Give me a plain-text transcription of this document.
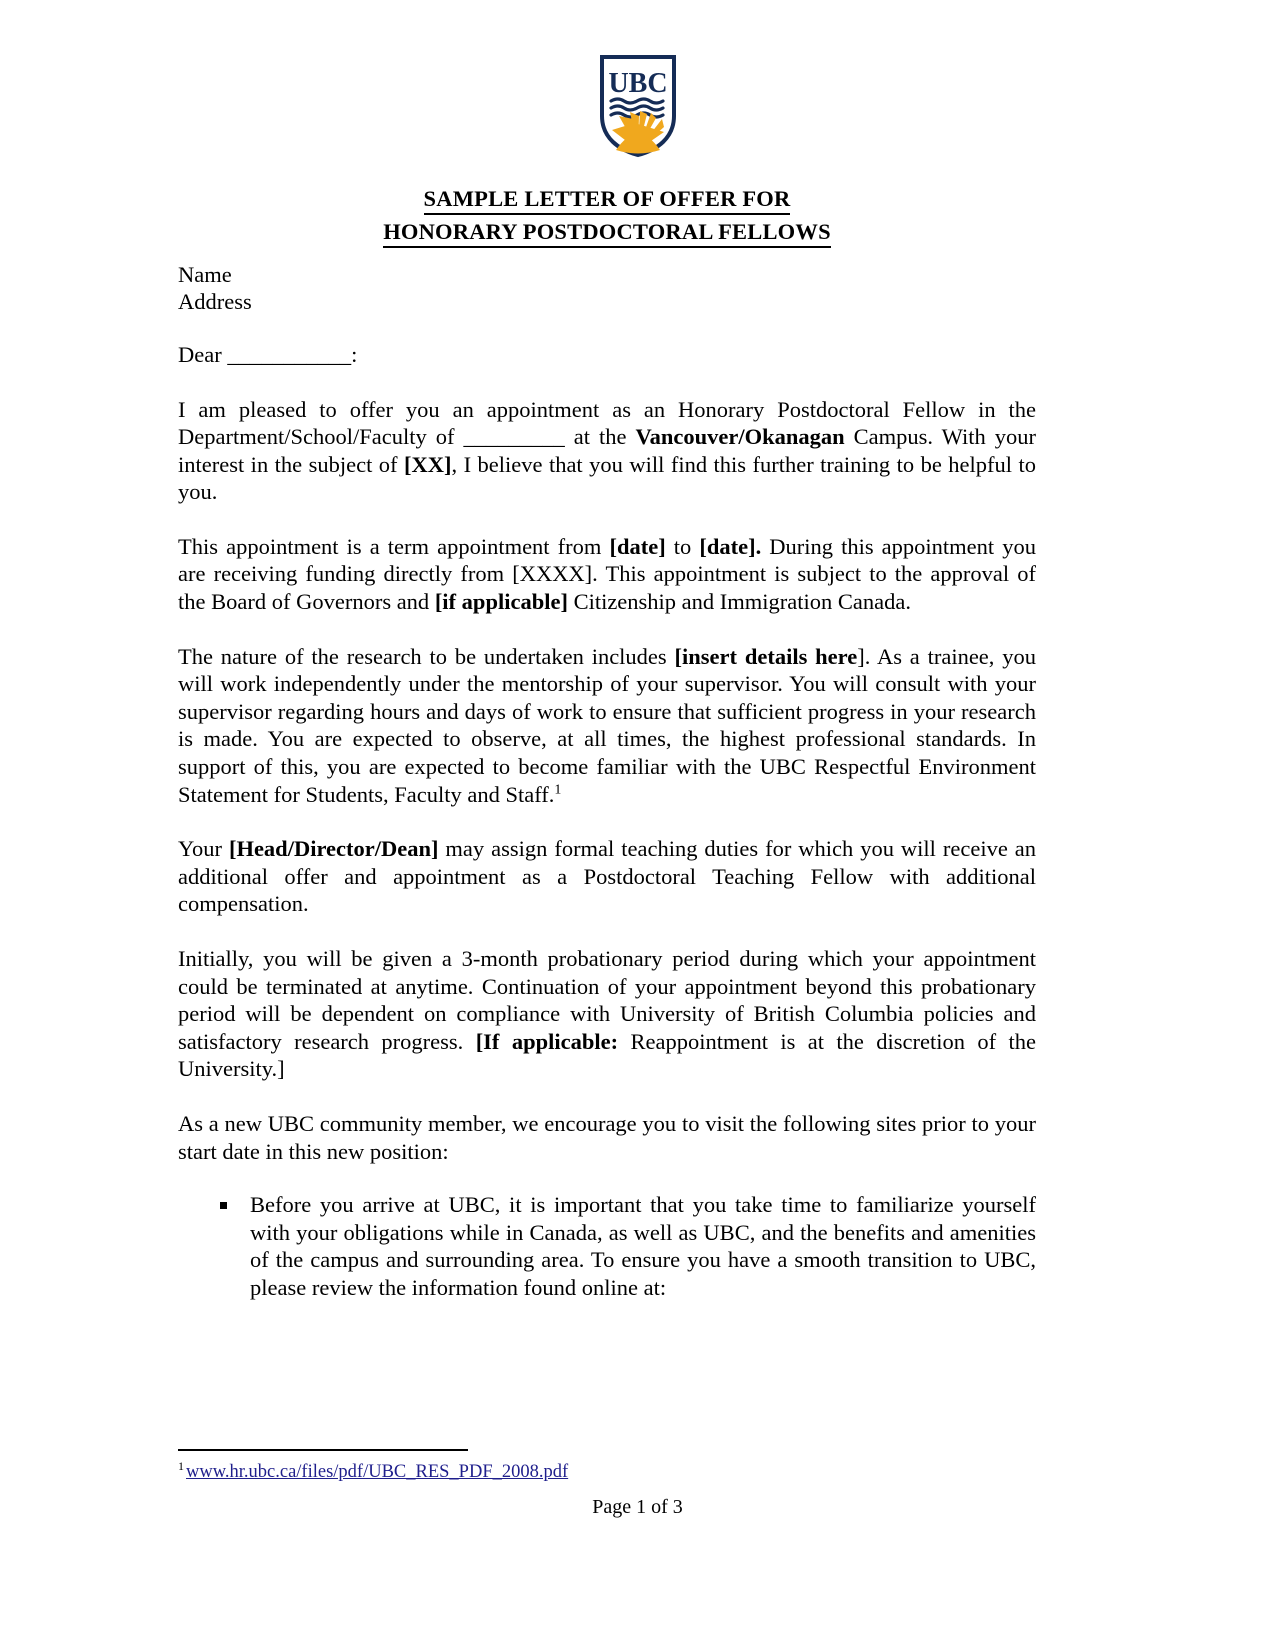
UBC
SAMPLE LETTER OF OFFER FOR
HONORARY POSTDOCTORAL FELLOWS
Name
Address
Dear ___________:

I am pleased to offer you an appointment as an Honorary Postdoctoral Fellow in the Department/School/Faculty of _________ at the Vancouver/Okanagan Campus. With your interest in the subject of [XX], I believe that you will find this further training to be helpful to you.

This appointment is a term appointment from [date] to [date]. During this appointment you are receiving funding directly from [XXXX]. This appointment is subject to the approval of the Board of Governors and [if applicable] Citizenship and Immigration Canada.

The nature of the research to be undertaken includes [insert details here]. As a trainee, you will work independently under the mentorship of your supervisor. You will consult with your supervisor regarding hours and days of work to ensure that sufficient progress in your research is made. You are expected to observe, at all times, the highest professional standards. In support of this, you are expected to become familiar with the UBC Respectful Environment Statement for Students, Faculty and Staff.$^1$

Your [Head/Director/Dean] may assign formal teaching duties for which you will receive an additional offer and appointment as a Postdoctoral Teaching Fellow with additional compensation.

Initially, you will be given a 3-month probationary period during which your appointment could be terminated at anytime. Continuation of your appointment beyond this probationary period will be dependent on compliance with University of British Columbia policies and satisfactory research progress. [If applicable: Reappointment is at the discretion of the University.]

As a new UBC community member, we encourage you to visit the following sites prior to your start date in this new position:

Before you arrive at UBC, it is important that you take time to familiarize yourself with your obligations while in Canada, as well as UBC, and the benefits and amenities of the campus and surrounding area. To ensure you have a smooth transition to UBC, please review the information found online at:
$^1$ www.hr.ubc.ca/files/pdf/UBC_RES_PDF_2008.pdf
Page 1 of 3
